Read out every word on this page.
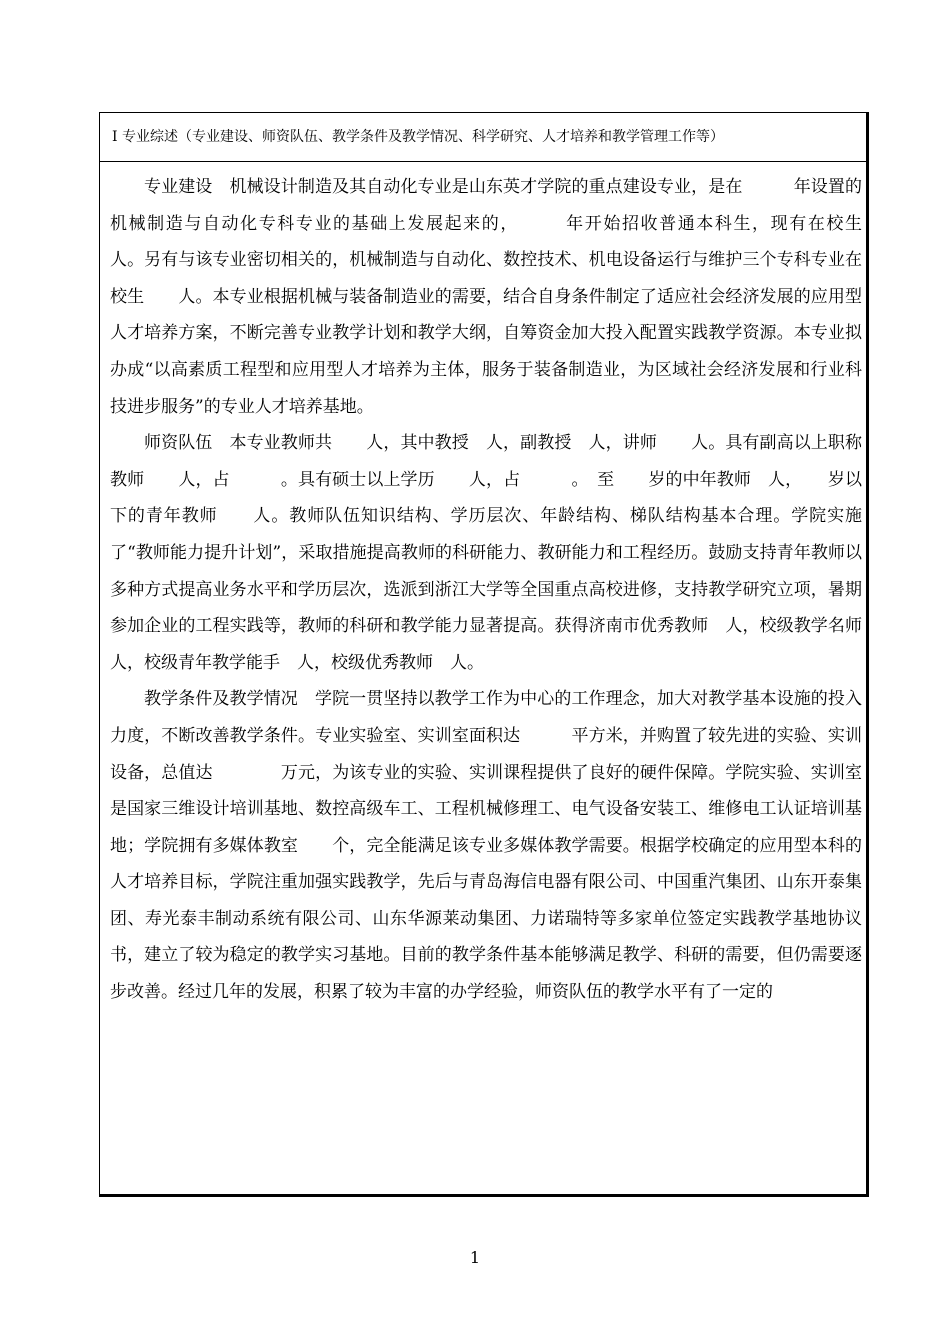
Ⅰ 专业综述（专业建设、师资队伍、教学条件及教学情况、科学研究、人才培养和教学管理工作等）

专业建设　机械设计制造及其自动化专业是山东英才学院的重点建设专业，是在　　　年设置的机械制造与自动化专科专业的基础上发展起来的，　　　年开始招收普通本科生，现有在校生　　人。另有与该专业密切相关的，机械制造与自动化、数控技术、机电设备运行与维护三个专科专业在校生　　人。本专业根据机械与装备制造业的需要，结合自身条件制定了适应社会经济发展的应用型人才培养方案，不断完善专业教学计划和教学大纲，自筹资金加大投入配置实践教学资源。本专业拟办成“以高素质工程型和应用型人才培养为主体，服务于装备制造业，为区域社会经济发展和行业科技进步服务”的专业人才培养基地。

师资队伍　本专业教师共　　人，其中教授　人，副教授　人，讲师　　人。具有副高以上职称教师　　人，占　　　。具有硕士以上学历　　人，占　　　。　至　　岁的中年教师　人，　　岁以下的青年教师　　人。教师队伍知识结构、学历层次、年龄结构、梯队结构基本合理。学院实施了“教师能力提升计划”，采取措施提高教师的科研能力、教研能力和工程经历。鼓励支持青年教师以多种方式提高业务水平和学历层次，选派到浙江大学等全国重点高校进修，支持教学研究立项，暑期参加企业的工程实践等，教师的科研和教学能力显著提高。获得济南市优秀教师　人，校级教学名师　人，校级青年教学能手　人，校级优秀教师　人。

教学条件及教学情况　学院一贯坚持以教学工作为中心的工作理念，加大对教学基本设施的投入力度，不断改善教学条件。专业实验室、实训室面积达　　　平方米，并购置了较先进的实验、实训设备，总值达　　　　万元，为该专业的实验、实训课程提供了良好的硬件保障。学院实验、实训室是国家三维设计培训基地、数控高级车工、工程机械修理工、电气设备安装工、维修电工认证培训基地；学院拥有多媒体教室　　个，完全能满足该专业多媒体教学需要。根据学校确定的应用型本科的人才培养目标，学院注重加强实践教学，先后与青岛海信电器有限公司、中国重汽集团、山东开泰集团、寿光泰丰制动系统有限公司、山东华源莱动集团、力诺瑞特等多家单位签定实践教学基地协议书，建立了较为稳定的教学实习基地。目前的教学条件基本能够满足教学、科研的需要，但仍需要逐步改善。经过几年的发展，积累了较为丰富的办学经验，师资队伍的教学水平有了一定的

1
